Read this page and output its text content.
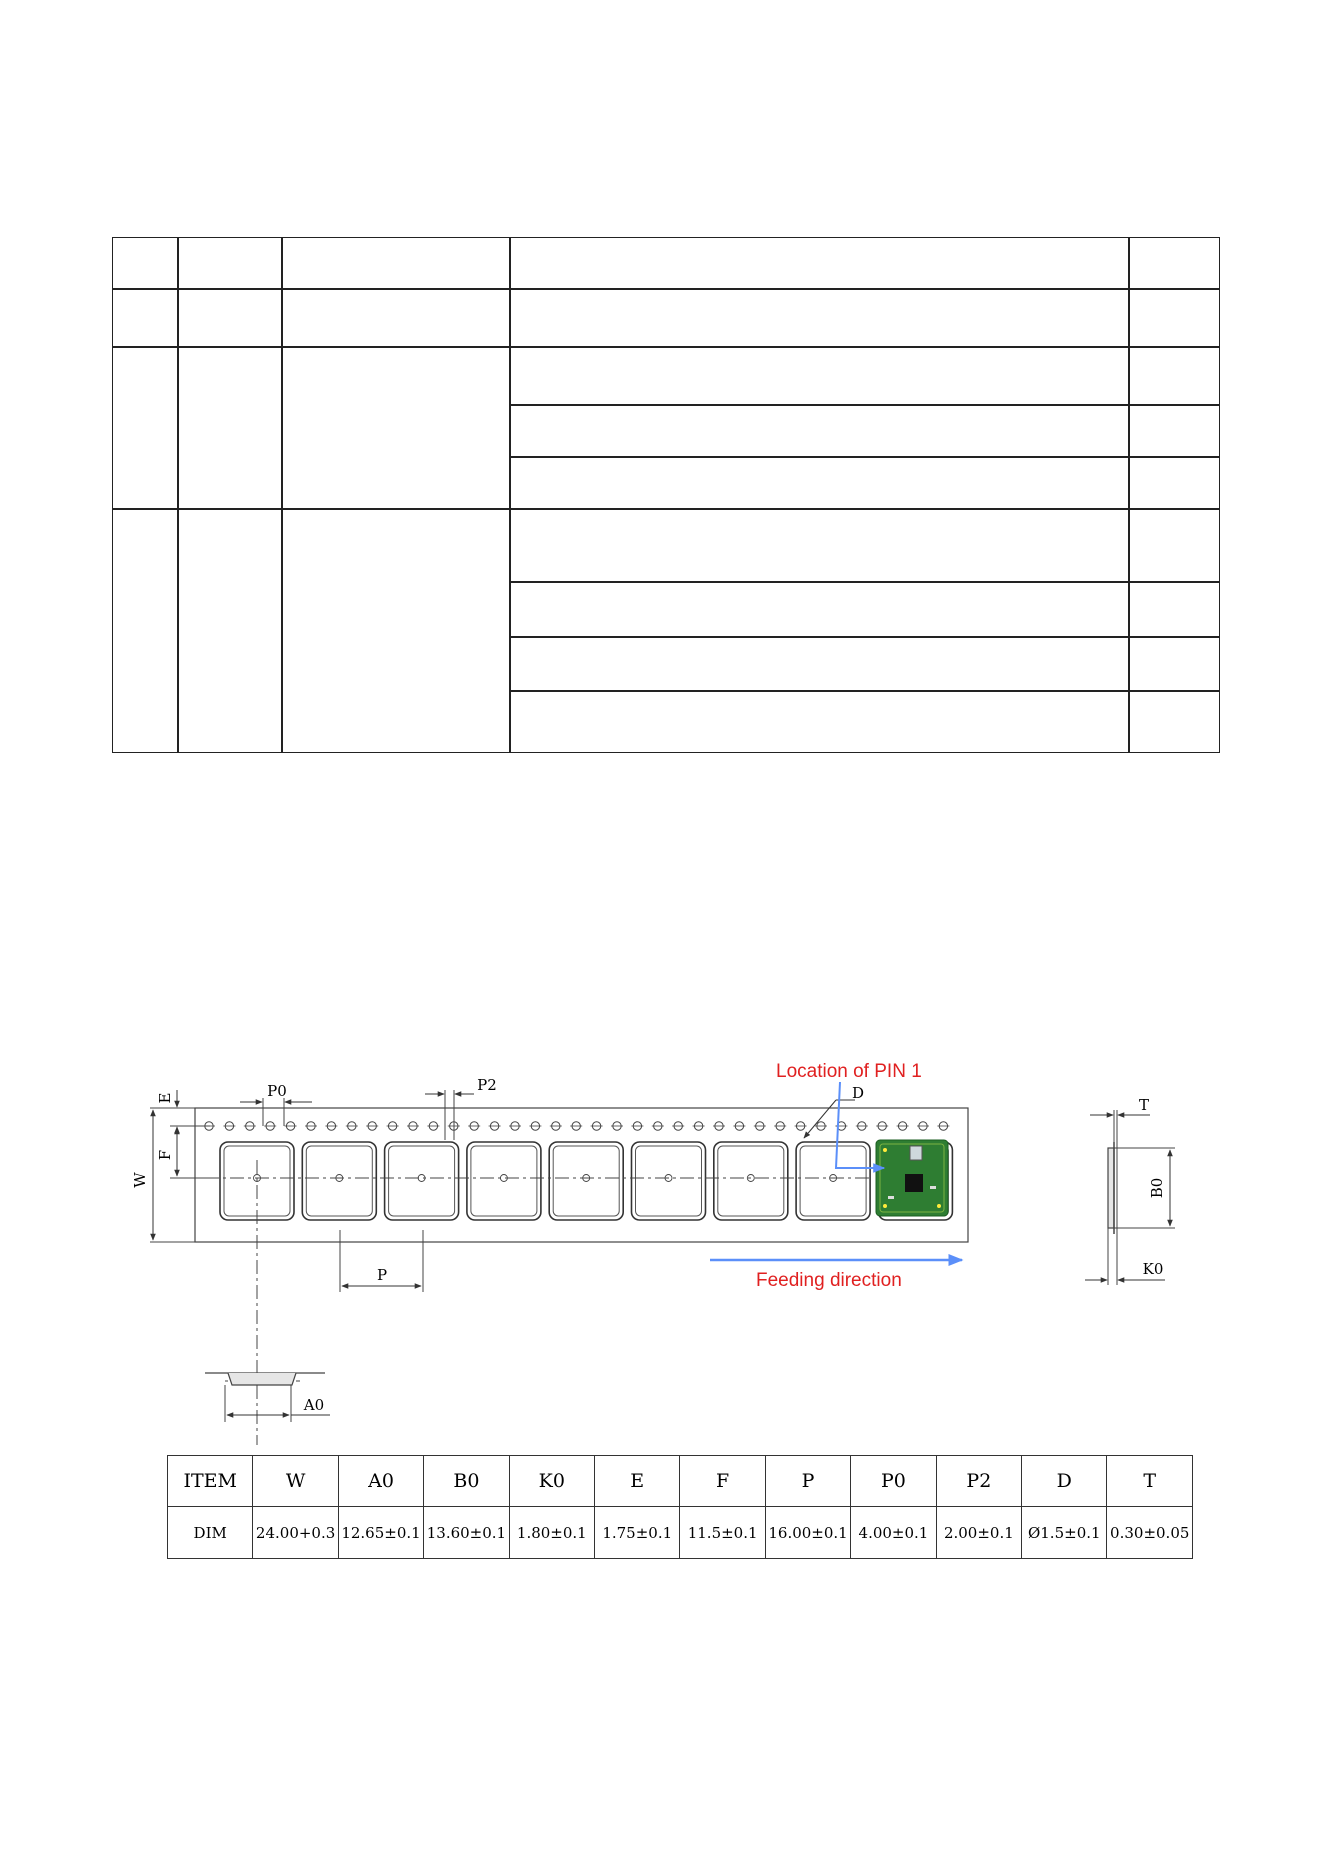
W
E
F
P0	P2	D
P
Location of PIN 1
Feeding direction
A0
T
B0
K0
ITEM	W	A0	B0	K0	E	F	P	P0	P2	D	T
DIM	24.00+0.3	12.65±0.1	13.60±0.1	1.80±0.1	1.75±0.1	11.5±0.1	16.00±0.1	4.00±0.1	2.00±0.1	Ø1.5±0.1	0.30±0.05
